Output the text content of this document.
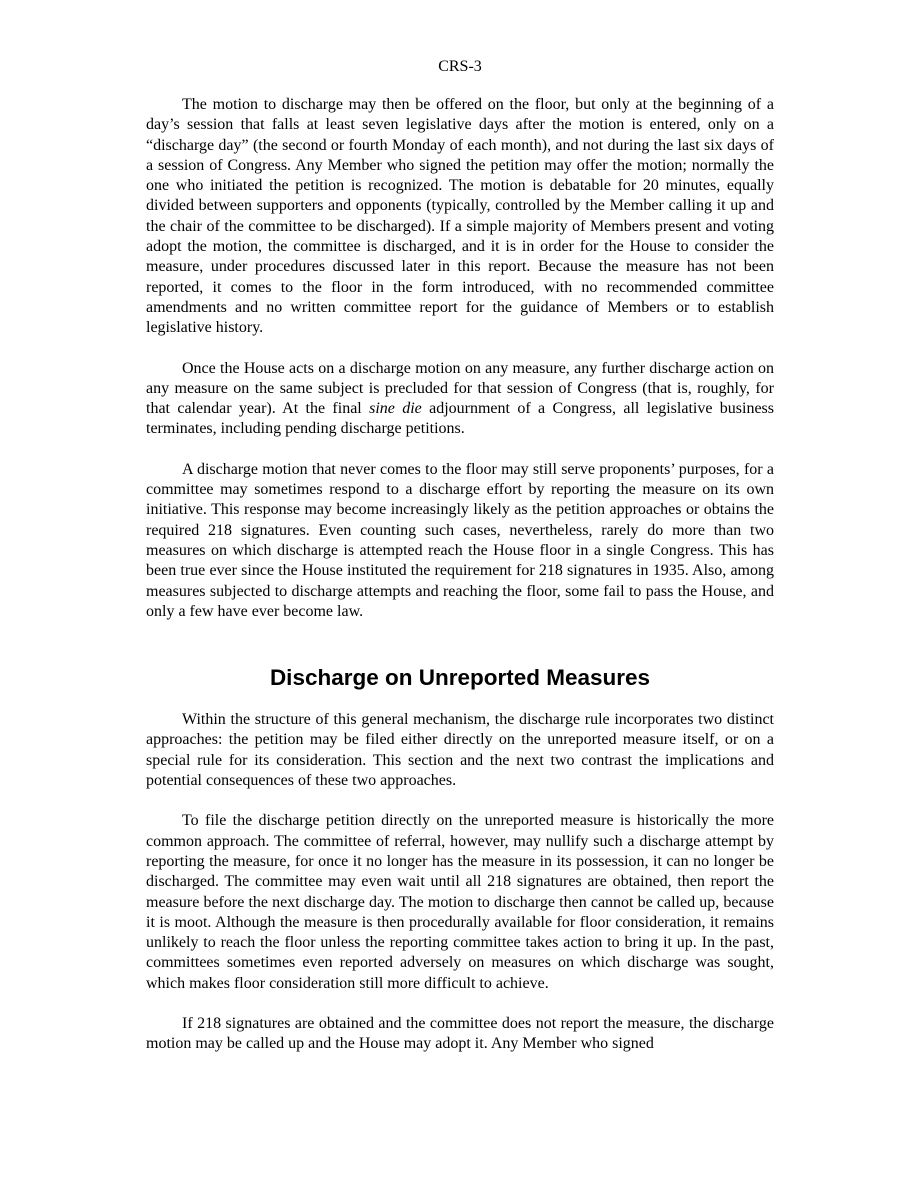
CRS-3

The motion to discharge may then be offered on the floor, but only at the beginning of a day’s session that falls at least seven legislative days after the motion is entered, only on a “discharge day” (the second or fourth Monday of each month), and not during the last six days of a session of Congress. Any Member who signed the petition may offer the motion; normally the one who initiated the petition is recognized. The motion is debatable for 20 minutes, equally divided between supporters and opponents (typically, controlled by the Member calling it up and the chair of the committee to be discharged). If a simple majority of Members present and voting adopt the motion, the committee is discharged, and it is in order for the House to consider the measure, under procedures discussed later in this report. Because the measure has not been reported, it comes to the floor in the form introduced, with no recommended committee amendments and no written committee report for the guidance of Members or to establish legislative history.

Once the House acts on a discharge motion on any measure, any further discharge action on any measure on the same subject is precluded for that session of Congress (that is, roughly, for that calendar year). At the final sine die adjournment of a Congress, all legislative business terminates, including pending discharge petitions.

A discharge motion that never comes to the floor may still serve proponents’ purposes, for a committee may sometimes respond to a discharge effort by reporting the measure on its own initiative. This response may become increasingly likely as the petition approaches or obtains the required 218 signatures. Even counting such cases, nevertheless, rarely do more than two measures on which discharge is attempted reach the House floor in a single Congress. This has been true ever since the House instituted the requirement for 218 signatures in 1935. Also, among measures subjected to discharge attempts and reaching the floor, some fail to pass the House, and only a few have ever become law.

Discharge on Unreported Measures

Within the structure of this general mechanism, the discharge rule incorporates two distinct approaches: the petition may be filed either directly on the unreported measure itself, or on a special rule for its consideration. This section and the next two contrast the implications and potential consequences of these two approaches.

To file the discharge petition directly on the unreported measure is historically the more common approach. The committee of referral, however, may nullify such a discharge attempt by reporting the measure, for once it no longer has the measure in its possession, it can no longer be discharged. The committee may even wait until all 218 signatures are obtained, then report the measure before the next discharge day. The motion to discharge then cannot be called up, because it is moot. Although the measure is then procedurally available for floor consideration, it remains unlikely to reach the floor unless the reporting committee takes action to bring it up. In the past, committees sometimes even reported adversely on measures on which discharge was sought, which makes floor consideration still more difficult to achieve.

If 218 signatures are obtained and the committee does not report the measure, the discharge motion may be called up and the House may adopt it. Any Member who signed
